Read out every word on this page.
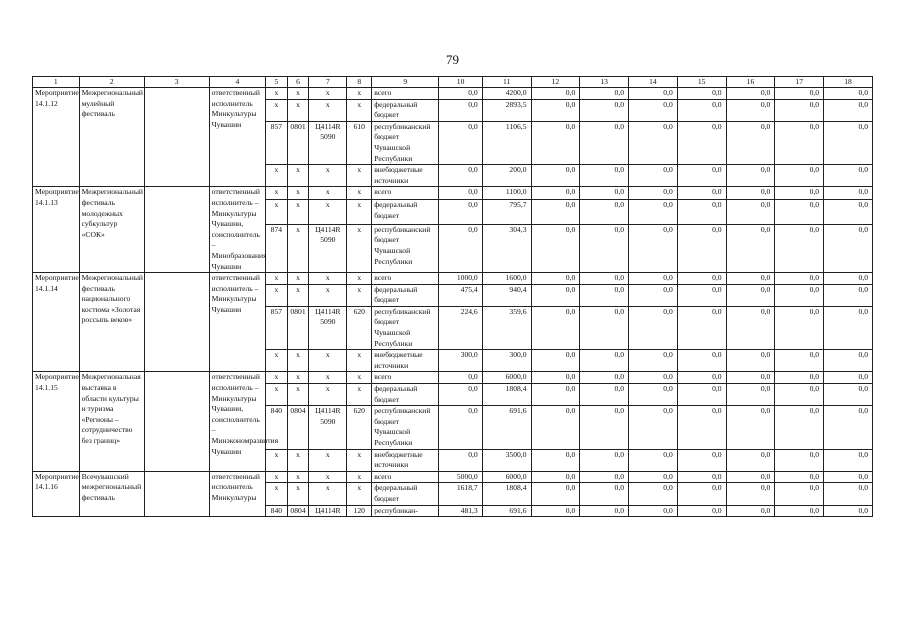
79
1	2	3	4	5	6	7	8	9	10	11	12	13	14	15	16	17	18
Мероприятие 14.1.12	Межрегиональный мулейный фестиваль		ответственный исполнитель Минкультуры Чувашии	x	x	x	x	всего	0,0	4200,0	0,0	0,0	0,0	0,0	0,0	0,0	0,0
				x	x	x	x	федеральный бюджет	0,0	2893,5	0,0	0,0	0,0	0,0	0,0	0,0	0,0
				857	0801	Ц4114R 5090	610	республиканский бюджет Чувашской Республики	0,0	1106,5	0,0	0,0	0,0	0,0	0,0	0,0	0,0
				x	x	x	x	внебюджетные источники	0,0	200,0	0,0	0,0	0,0	0,0	0,0	0,0	0,0
Мероприятие 14.1.13	Межрегиональный фестиваль молодежных субкультур «СОК»		ответственный исполнитель – Минкультуры Чувашии, соисполнитель – Минобразования Чувашии	x	x	x	x	всего	0,0	1100,0	0,0	0,0	0,0	0,0	0,0	0,0	0,0
				x	x	x	x	федеральный бюджет	0,0	795,7	0,0	0,0	0,0	0,0	0,0	0,0	0,0
				874	x	Ц4114R 5090	x	республиканский бюджет Чувашской Республики	0,0	304,3	0,0	0,0	0,0	0,0	0,0	0,0	0,0
Мероприятие 14.1.14	Межрегиональный фестиваль национального костюма «Золотая россыпь веков»		ответственный исполнитель – Минкультуры Чувашии	x	x	x	x	всего	1000,0	1600,0	0,0	0,0	0,0	0,0	0,0	0,0	0,0
				x	x	x	x	федеральный бюджет	475,4	940,4	0,0	0,0	0,0	0,0	0,0	0,0	0,0
				857	0801	Ц4114R 5090	620	республиканский бюджет Чувашской Республики	224,6	359,6	0,0	0,0	0,0	0,0	0,0	0,0	0,0
				x	x	x	x	внебюджетные источники	300,0	300,0	0,0	0,0	0,0	0,0	0,0	0,0	0,0
Мероприятие 14.1.15	Межрегиональная выставка в области культуры и туризма «Регионы – сотрудничество без границ»		ответственный исполнитель – Минкультуры Чувашии, соисполнитель – Минэкономразвития Чувашии	x	x	x	x	всего	0,0	6000,0	0,0	0,0	0,0	0,0	0,0	0,0	0,0
				x	x	x	x	федеральный бюджет	0,0	1808,4	0,0	0,0	0,0	0,0	0,0	0,0	0,0
				840	0804	Ц4114R 5090	620	республиканский бюджет Чувашской Республики	0,0	691,6	0,0	0,0	0,0	0,0	0,0	0,0	0,0
				x	x	x	x	внебюджетные источники	0,0	3500,0	0,0	0,0	0,0	0,0	0,0	0,0	0,0
Мероприятие 14.1.16	Всечувашский межрегиональный фестиваль		ответственный исполнитель Минкультуры	x	x	x	x	всего	5000,0	6000,0	0,0	0,0	0,0	0,0	0,0	0,0	0,0
				x	x	x	x	федеральный бюджет	1618,7	1808,4	0,0	0,0	0,0	0,0	0,0	0,0	0,0
				840	0804	Ц4114R	120	республикан-	481,3	691,6	0,0	0,0	0,0	0,0	0,0	0,0	0,0
